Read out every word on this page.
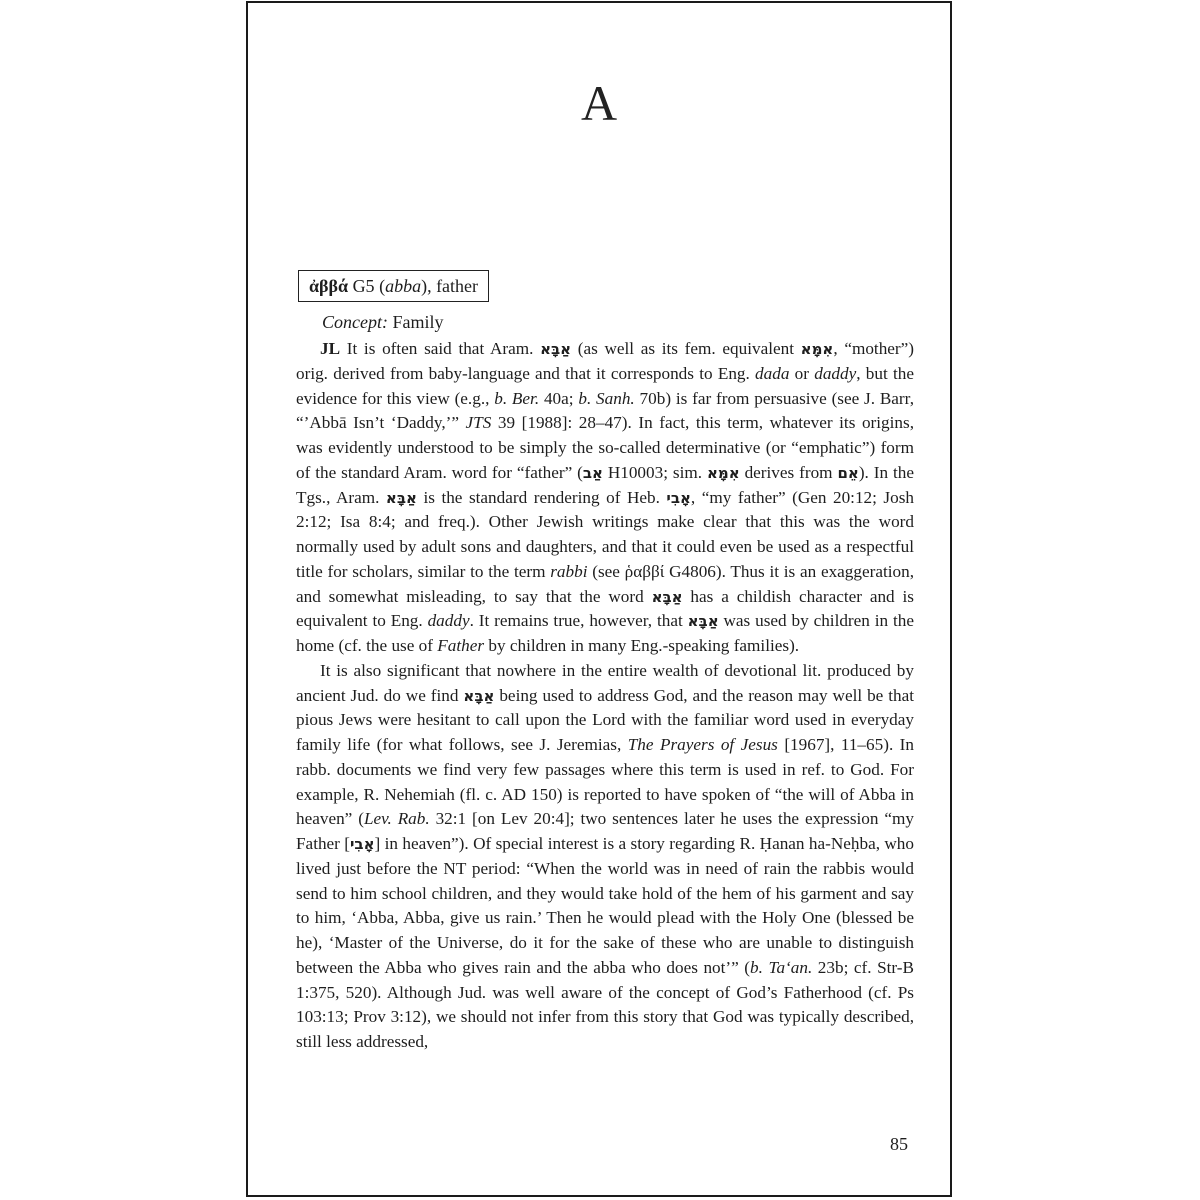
A
ἀββά G5 (abba), father
Concept: Family

JL It is often said that Aram. אַבָּא (as well as its fem. equivalent אִמָּא, “mother”) orig. derived from baby-language and that it corresponds to Eng. dada or daddy, but the evidence for this view (e.g., b. Ber. 40a; b. Sanh. 70b) is far from persuasive (see J. Barr, “’Abbā Isn’t ‘Daddy,’” JTS 39 [1988]: 28–47). In fact, this term, whatever its origins, was evidently understood to be simply the so-called determinative (or “emphatic”) form of the standard Aram. word for “father” (אַב H10003; sim. אִמָּא derives from אֵם). In the Tgs., Aram. אַבָּא is the standard rendering of Heb. אָבִי, “my father” (Gen 20:12; Josh 2:12; Isa 8:4; and freq.). Other Jewish writings make clear that this was the word normally used by adult sons and daughters, and that it could even be used as a respectful title for scholars, similar to the term rabbi (see ῥαββί G4806). Thus it is an exaggeration, and somewhat misleading, to say that the word אַבָּא has a childish character and is equivalent to Eng. daddy. It remains true, however, that אַבָּא was used by children in the home (cf. the use of Father by children in many Eng.-speaking families).

It is also significant that nowhere in the entire wealth of devotional lit. produced by ancient Jud. do we find אַבָּא being used to address God, and the reason may well be that pious Jews were hesitant to call upon the Lord with the familiar word used in everyday family life (for what follows, see J. Jeremias, The Prayers of Jesus [1967], 11–65). In rabb. documents we find very few passages where this term is used in ref. to God. For example, R. Nehemiah (fl. c. AD 150) is reported to have spoken of “the will of Abba in heaven” (Lev. Rab. 32:1 [on Lev 20:4]; two sentences later he uses the expression “my Father [אָבִי] in heaven”). Of special interest is a story regarding R. Ḥanan ha-Neḥba, who lived just before the NT period: “When the world was in need of rain the rabbis would send to him school children, and they would take hold of the hem of his garment and say to him, ‘Abba, Abba, give us rain.’ Then he would plead with the Holy One (blessed be he), ‘Master of the Universe, do it for the sake of these who are unable to distinguish between the Abba who gives rain and the abba who does not’” (b. Ta‘an. 23b; cf. Str-B 1:375, 520). Although Jud. was well aware of the concept of God’s Fatherhood (cf. Ps 103:13; Prov 3:12), we should not infer from this story that God was typically described, still less addressed,

85
